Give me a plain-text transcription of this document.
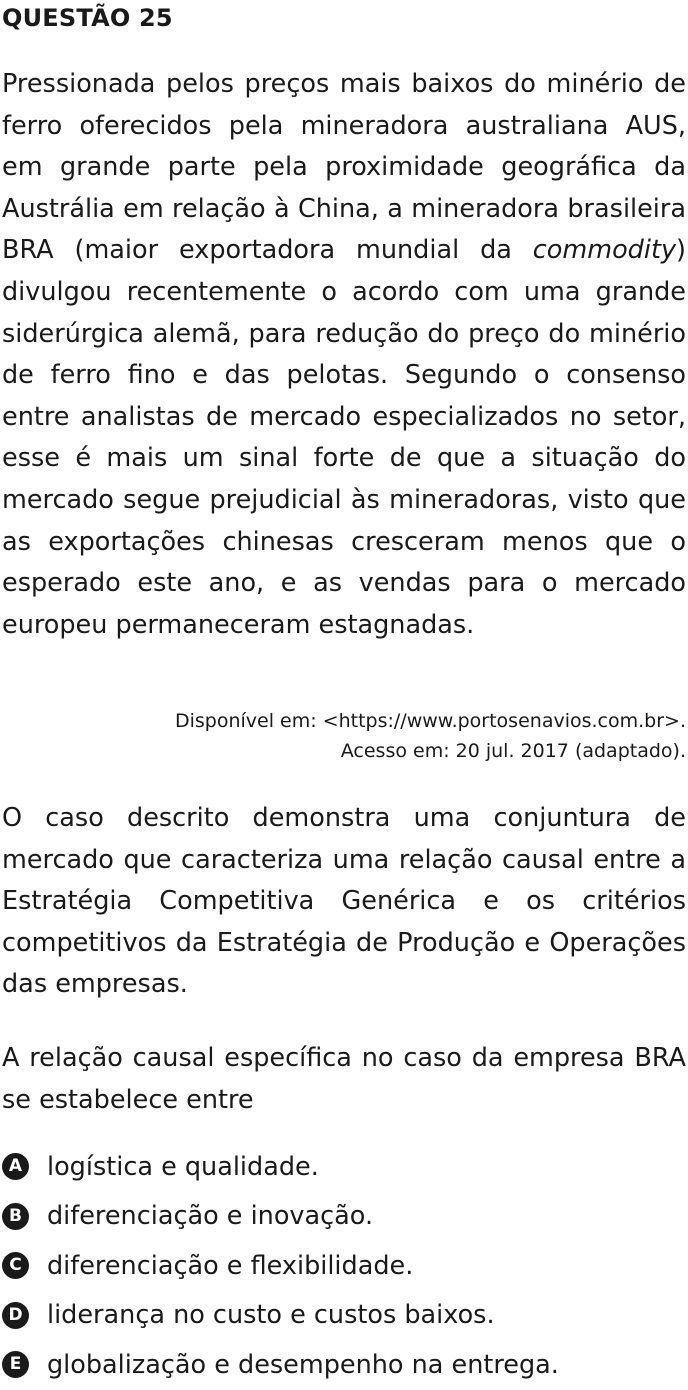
QUESTÃO 25
Pressionada pelos preços mais baixos do minério de ferro oferecidos pela mineradora australiana AUS, em grande parte pela proximidade geográfica da Austrália em relação à China, a mineradora brasileira BRA (maior exportadora mundial da commodity) divulgou recentemente o acordo com uma grande siderúrgica alemã, para redução do preço do minério de ferro fino e das pelotas. Segundo o consenso entre analistas de mercado especializados no setor, esse é mais um sinal forte de que a situação do mercado segue prejudicial às mineradoras, visto que as exportações chinesas cresceram menos que o esperado este ano, e as vendas para o mercado europeu permaneceram estagnadas.
Disponível em: <https://www.portosenavios.com.br>.
Acesso em: 20 jul. 2017 (adaptado).
O caso descrito demonstra uma conjuntura de mercado que caracteriza uma relação causal entre a Estratégia Competitiva Genérica e os critérios competitivos da Estratégia de Produção e Operações das empresas.
A relação causal específica no caso da empresa BRA se estabelece entre
A logística e qualidade.
B diferenciação e inovação.
C diferenciação e flexibilidade.
D liderança no custo e custos baixos.
E	globalização e desempenho na entrega.
